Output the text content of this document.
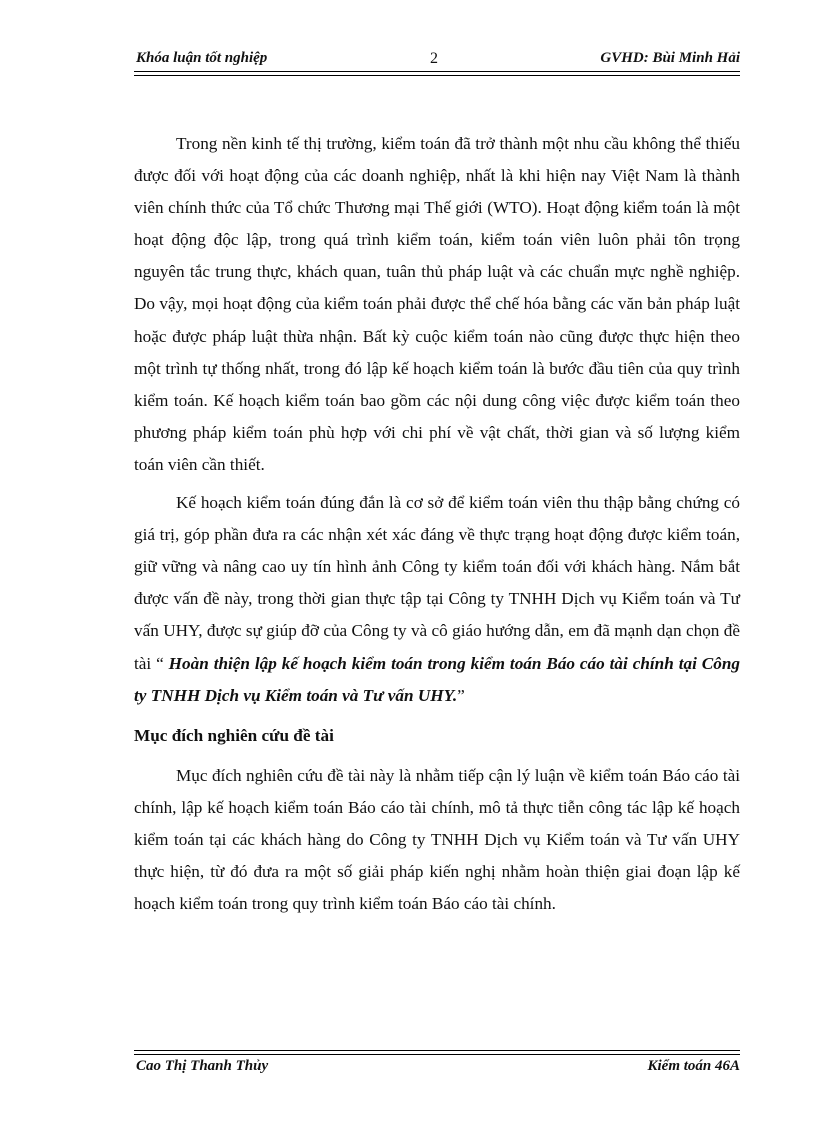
Khóa luận tốt nghiệp	2	GVHD: Bùi Minh Hải

Trong nền kinh tế thị trường, kiểm toán đã trở thành một nhu cầu không thể thiếu được đối với hoạt động của các doanh nghiệp, nhất là khi hiện nay Việt Nam là thành viên chính thức của Tổ chức Thương mại Thế giới (WTO). Hoạt động kiểm toán là một hoạt động độc lập, trong quá trình kiểm toán, kiểm toán viên luôn phải tôn trọng nguyên tắc trung thực, khách quan, tuân thủ pháp luật và các chuẩn mực nghề nghiệp. Do vậy, mọi hoạt động của kiểm toán phải được thể chế hóa bằng các văn bản pháp luật hoặc được pháp luật thừa nhận. Bất kỳ cuộc kiểm toán nào cũng được thực hiện theo một trình tự thống nhất, trong đó lập kế hoạch kiểm toán là bước đầu tiên của quy trình kiểm toán. Kế hoạch kiểm toán bao gồm các nội dung công việc được kiểm toán theo phương pháp kiểm toán phù hợp với chi phí về vật chất, thời gian và số lượng kiểm toán viên cần thiết.

Kế hoạch kiểm toán đúng đắn là cơ sở để kiểm toán viên thu thập bằng chứng có giá trị, góp phần đưa ra các nhận xét xác đáng về thực trạng hoạt động được kiểm toán, giữ vững và nâng cao uy tín hình ảnh Công ty kiểm toán đối với khách hàng. Nắm bắt được vấn đề này, trong thời gian thực tập tại Công ty TNHH Dịch vụ Kiểm toán và Tư vấn UHY, được sự giúp đỡ của Công ty và cô giáo hướng dẫn, em đã mạnh dạn chọn đề tài “ Hoàn thiện lập kế hoạch kiểm toán trong kiểm toán Báo cáo tài chính tại Công ty TNHH Dịch vụ Kiểm toán và Tư vấn UHY.”

Mục đích nghiên cứu đề tài

Mục đích nghiên cứu đề tài này là nhằm tiếp cận lý luận về kiểm toán Báo cáo tài chính, lập kế hoạch kiểm toán Báo cáo tài chính, mô tả thực tiễn công tác lập kế hoạch kiểm toán tại các khách hàng do Công ty TNHH Dịch vụ Kiểm toán và Tư vấn UHY thực hiện, từ đó đưa ra một số giải pháp kiến nghị nhằm hoàn thiện giai đoạn lập kế hoạch kiểm toán trong quy trình kiểm toán Báo cáo tài chính.

Cao Thị Thanh Thủy	Kiểm toán 46A
